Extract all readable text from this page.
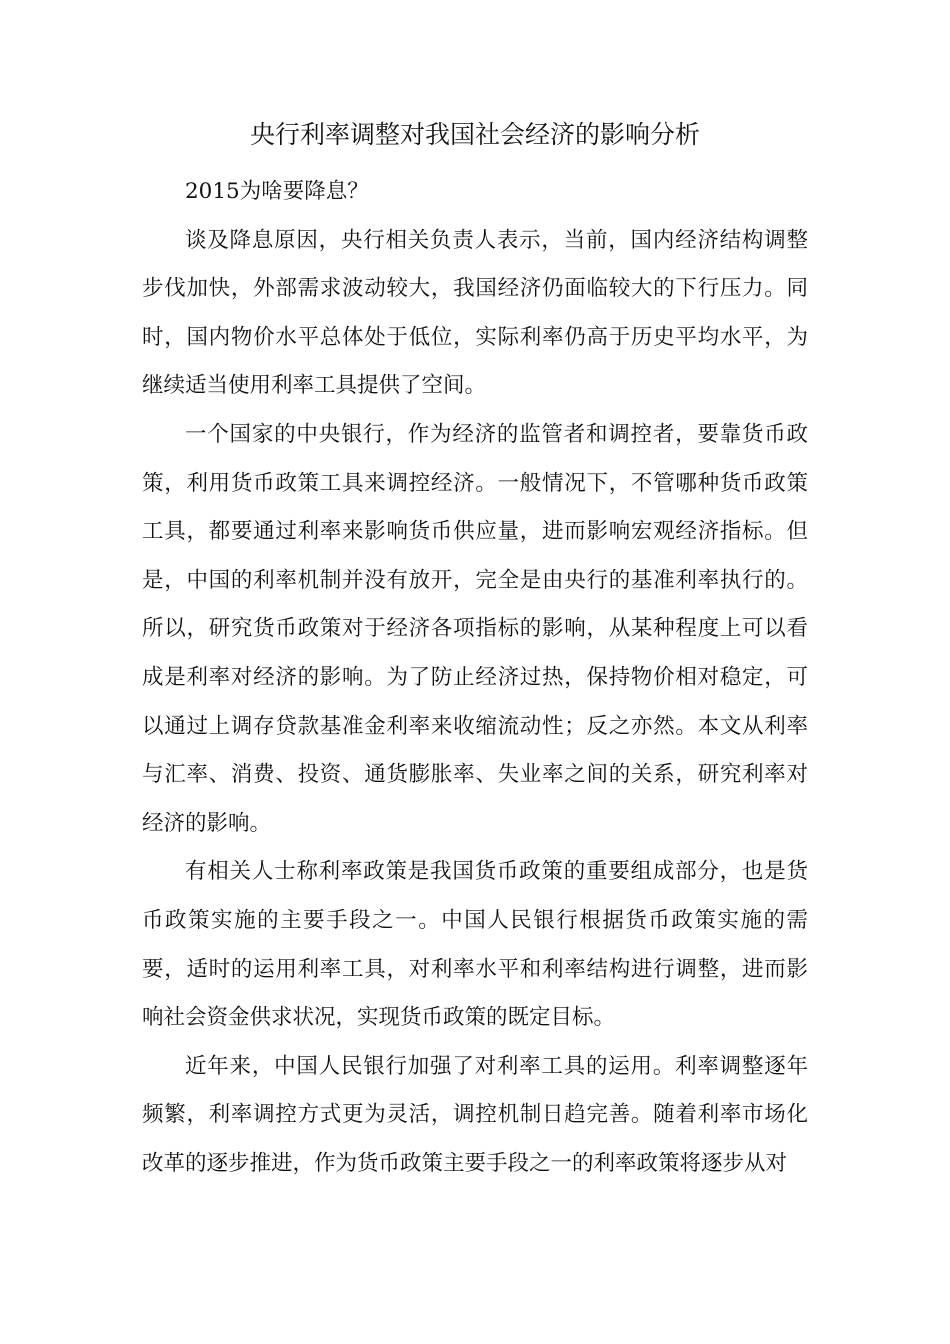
央行利率调整对我国社会经济的影响分析

2015为啥要降息？

谈及降息原因，央行相关负责人表示，当前，国内经济结构调整步伐加快，外部需求波动较大，我国经济仍面临较大的下行压力。同时，国内物价水平总体处于低位，实际利率仍高于历史平均水平，为继续适当使用利率工具提供了空间。

一个国家的中央银行，作为经济的监管者和调控者，要靠货币政策，利用货币政策工具来调控经济。一般情况下，不管哪种货币政策工具，都要通过利率来影响货币供应量，进而影响宏观经济指标。但是，中国的利率机制并没有放开，完全是由央行的基准利率执行的。所以，研究货币政策对于经济各项指标的影响，从某种程度上可以看成是利率对经济的影响。为了防止经济过热，保持物价相对稳定，可以通过上调存贷款基准金利率来收缩流动性；反之亦然。本文从利率与汇率、消费、投资、通货膨胀率、失业率之间的关系，研究利率对经济的影响。

有相关人士称利率政策是我国货币政策的重要组成部分，也是货币政策实施的主要手段之一。中国人民银行根据货币政策实施的需要，适时的运用利率工具，对利率水平和利率结构进行调整，进而影响社会资金供求状况，实现货币政策的既定目标。

近年来，中国人民银行加强了对利率工具的运用。利率调整逐年频繁，利率调控方式更为灵活，调控机制日趋完善。随着利率市场化改革的逐步推进，作为货币政策主要手段之一的利率政策将逐步从对
